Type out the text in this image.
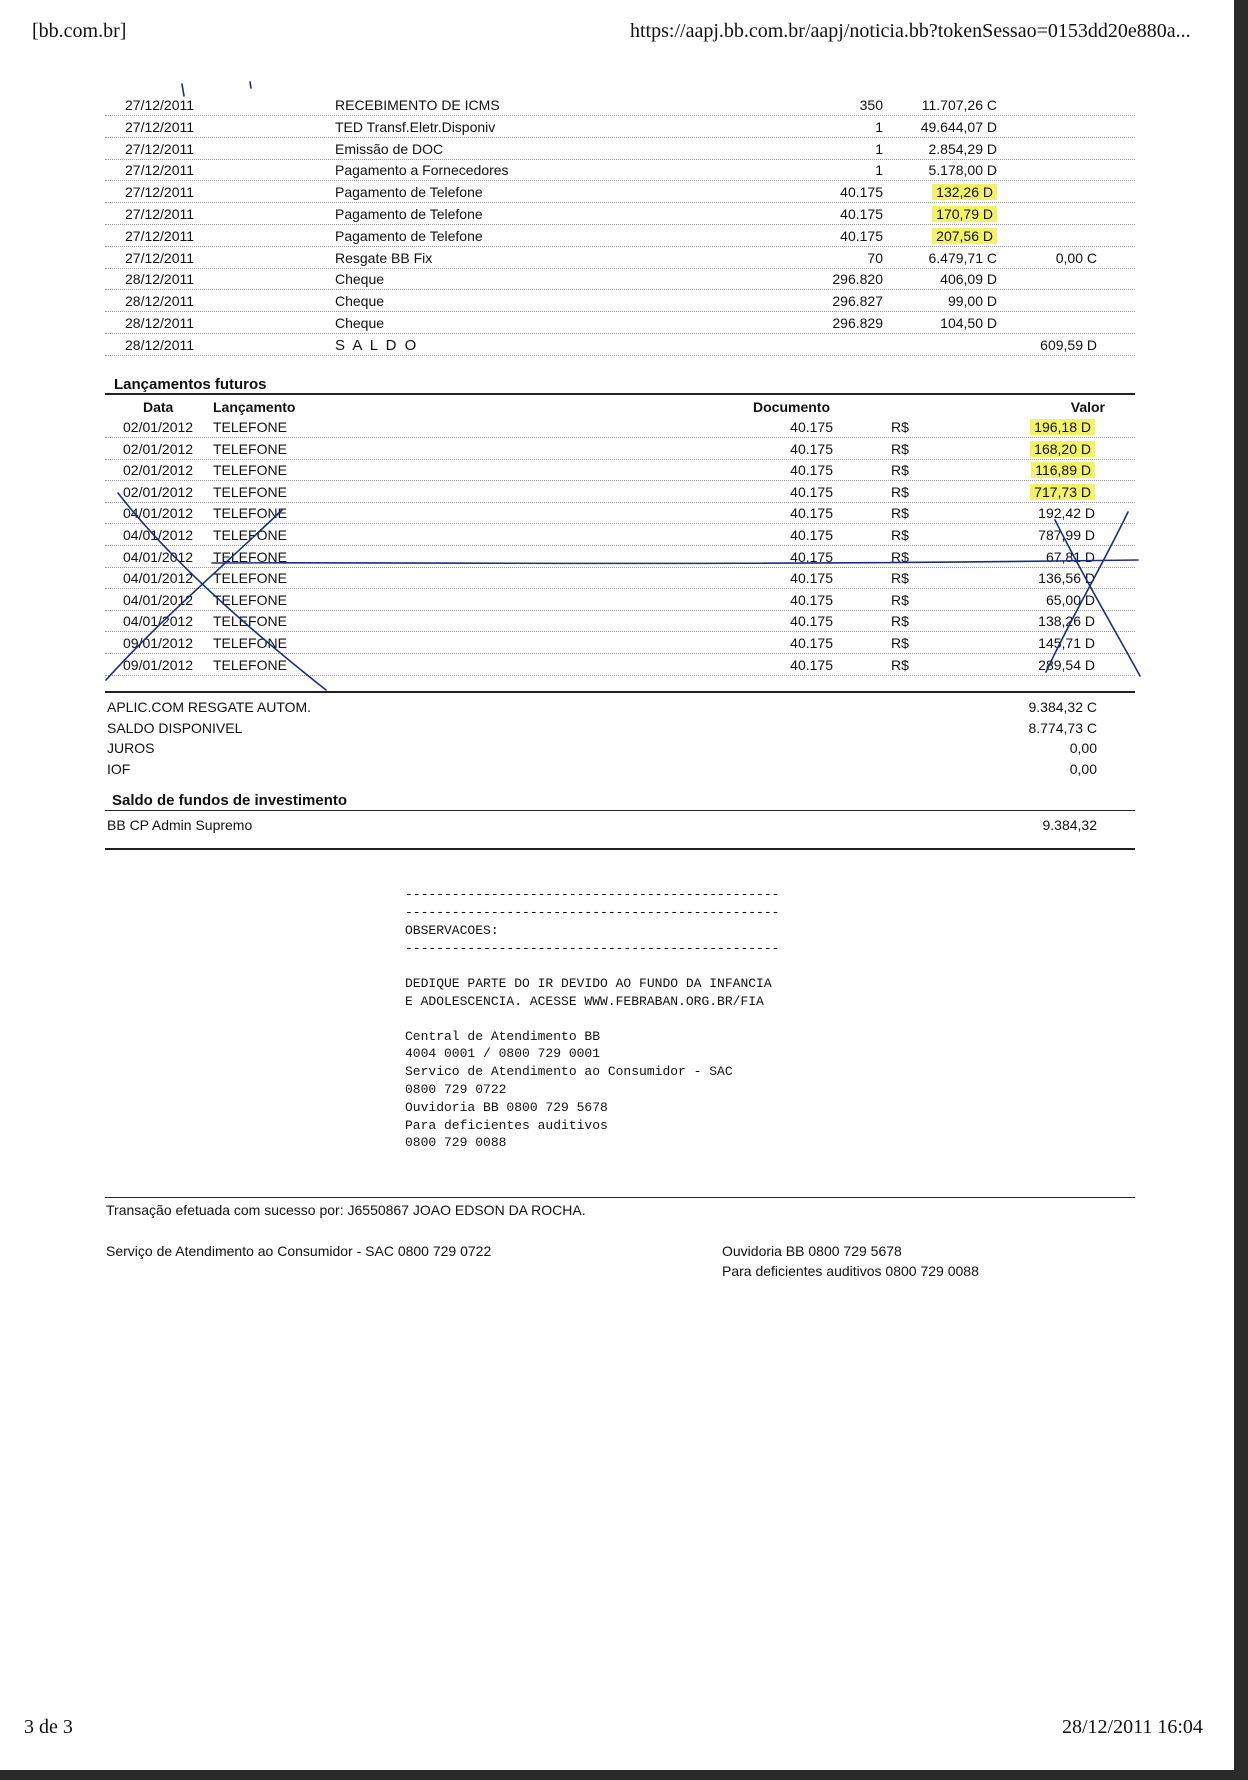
[bb.com.br]	https://aapj.bb.com.br/aapj/noticia.bb?tokenSessao=0153dd20e880a...
27/12/2011	RECEBIMENTO DE ICMS	350	11.707,26 C
27/12/2011	TED Transf.Eletr.Disponiv	1	49.644,07 D
27/12/2011	Emissão de DOC	1	2.854,29 D
27/12/2011	Pagamento a Fornecedores	1	5.178,00 D
27/12/2011	Pagamento de Telefone	40.175	132,26 D
27/12/2011	Pagamento de Telefone	40.175	170,79 D
27/12/2011	Pagamento de Telefone	40.175	207,56 D
27/12/2011	Resgate BB Fix	70	6.479,71 C	0,00 C
28/12/2011	Cheque	296.820	406,09 D
28/12/2011	Cheque	296.827	99,00 D
28/12/2011	Cheque	296.829	104,50 D
28/12/2011	S A L D O	609,59 D
Lançamentos futuros
Data	Lançamento	Documento	Valor
02/01/2012 TELEFONE	40.175	R$	196,18 D
02/01/2012 TELEFONE	40.175	R$	168,20 D
02/01/2012 TELEFONE	40.175	R$	116,89 D
02/01/2012 TELEFONE	40.175	R$	717,73 D
04/01/2012 TELEFONE	40.175	R$	192,42 D
04/01/2012 TELEFONE	40.175	R$	787,99 D
04/01/2012 TELEFONE	40.175	R$	67,81 D
04/01/2012 TELEFONE	40.175	R$	136,56 D
04/01/2012 TELEFONE	40.175	R$	65,00 D
04/01/2012 TELEFONE	40.175	R$	138,26 D
09/01/2012 TELEFONE	40.175	R$	145,71 D
09/01/2012 TELEFONE	40.175	R$	289,54 D
APLIC.COM RESGATE AUTOM.	9.384,32 C
SALDO DISPONIVEL	8.774,73 C
JUROS	0,00
IOF	0,00
Saldo de fundos de investimento
BB CP Admin Supremo	9.384,32
------------------------------------------------
------------------------------------------------
OBSERVACOES:
------------------------------------------------
DEDIQUE PARTE DO IR DEVIDO AO FUNDO DA INFANCIA
E ADOLESCENCIA. ACESSE WWW.FEBRABAN.ORG.BR/FIA
Central de Atendimento BB
4004 0001 / 0800 729 0001
Servico de Atendimento ao Consumidor - SAC
0800 729 0722
Ouvidoria BB 0800 729 5678
Para deficientes auditivos
0800 729 0088
Transação efetuada com sucesso por: J6550867 JOAO EDSON DA ROCHA.
Serviço de Atendimento ao Consumidor - SAC 0800 729 0722	Ouvidoria BB 0800 729 5678
Para deficientes auditivos 0800 729 0088
3 de 3	28/12/2011 16:04
